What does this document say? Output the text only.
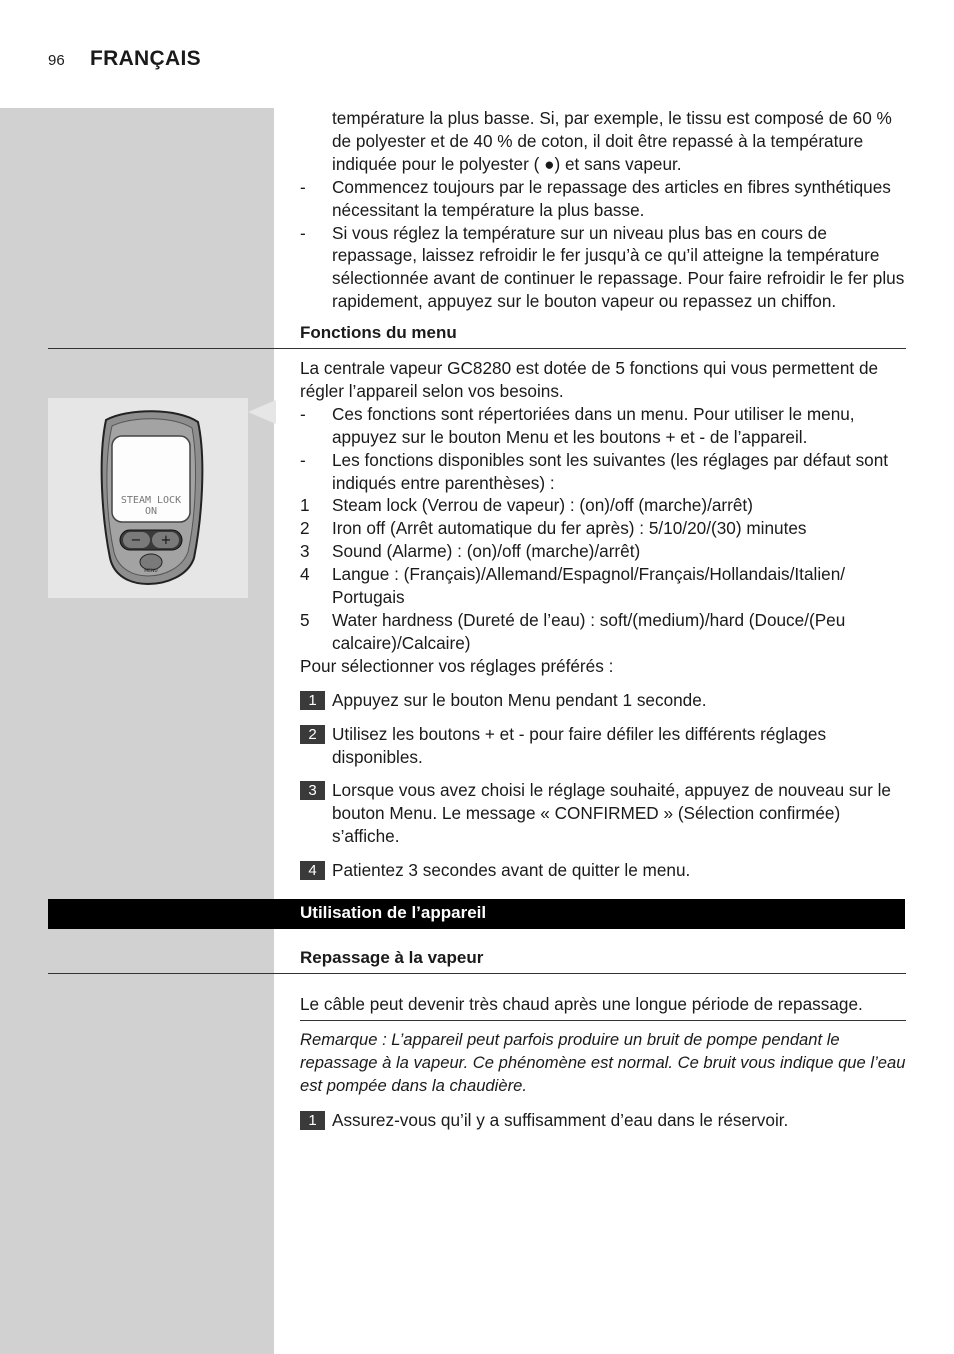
96 FRANÇAIS
température la plus basse. Si, par exemple, le tissu est composé de 60 % de polyester et de 40 % de coton, il doit être repassé à la température indiquée pour le polyester ( ●) et sans vapeur.
- Commencez toujours par le repassage des articles en fibres synthétiques nécessitant la température la plus basse.
- Si vous réglez la température sur un niveau plus bas en cours de repassage, laissez refroidir le fer jusqu’à ce qu’il atteigne la température sélectionnée avant de continuer le repassage. Pour faire refroidir le fer plus rapidement, appuyez sur le bouton vapeur ou repassez un chiffon.
Fonctions du menu
STEAM LOCK
ON
− +
MENU
La centrale vapeur GC8280 est dotée de 5 fonctions qui vous permettent de régler l’appareil selon vos besoins.
- Ces fonctions sont répertoriées dans un menu. Pour utiliser le menu, appuyez sur le bouton Menu et les boutons + et - de l’appareil.
- Les fonctions disponibles sont les suivantes (les réglages par défaut sont indiqués entre parenthèses) :
1 Steam lock (Verrou de vapeur) : (on)/off (marche)/arrêt)
2 Iron off (Arrêt automatique du fer après) : 5/10/20/(30) minutes
3 Sound (Alarme) : (on)/off (marche)/arrêt)
4 Langue : (Français)/Allemand/Espagnol/Français/Hollandais/Italien/ Portugais
5 Water hardness (Dureté de l’eau) : soft/(medium)/hard (Douce/(Peu calcaire)/Calcaire)
Pour sélectionner vos réglages préférés :
1 Appuyez sur le bouton Menu pendant 1 seconde.
2 Utilisez les boutons + et - pour faire défiler les différents réglages disponibles.
3 Lorsque vous avez choisi le réglage souhaité, appuyez de nouveau sur le bouton Menu. Le message « CONFIRMED » (Sélection confirmée) s’affiche.
4 Patientez 3 secondes avant de quitter le menu.
Utilisation de l’appareil
Repassage à la vapeur
Le câble peut devenir très chaud après une longue période de repassage.
Remarque : L’appareil peut parfois produire un bruit de pompe pendant le repassage à la vapeur. Ce phénomène est normal. Ce bruit vous indique que l’eau est pompée dans la chaudière.
1 Assurez-vous qu’il y a suffisamment d’eau dans le réservoir.
